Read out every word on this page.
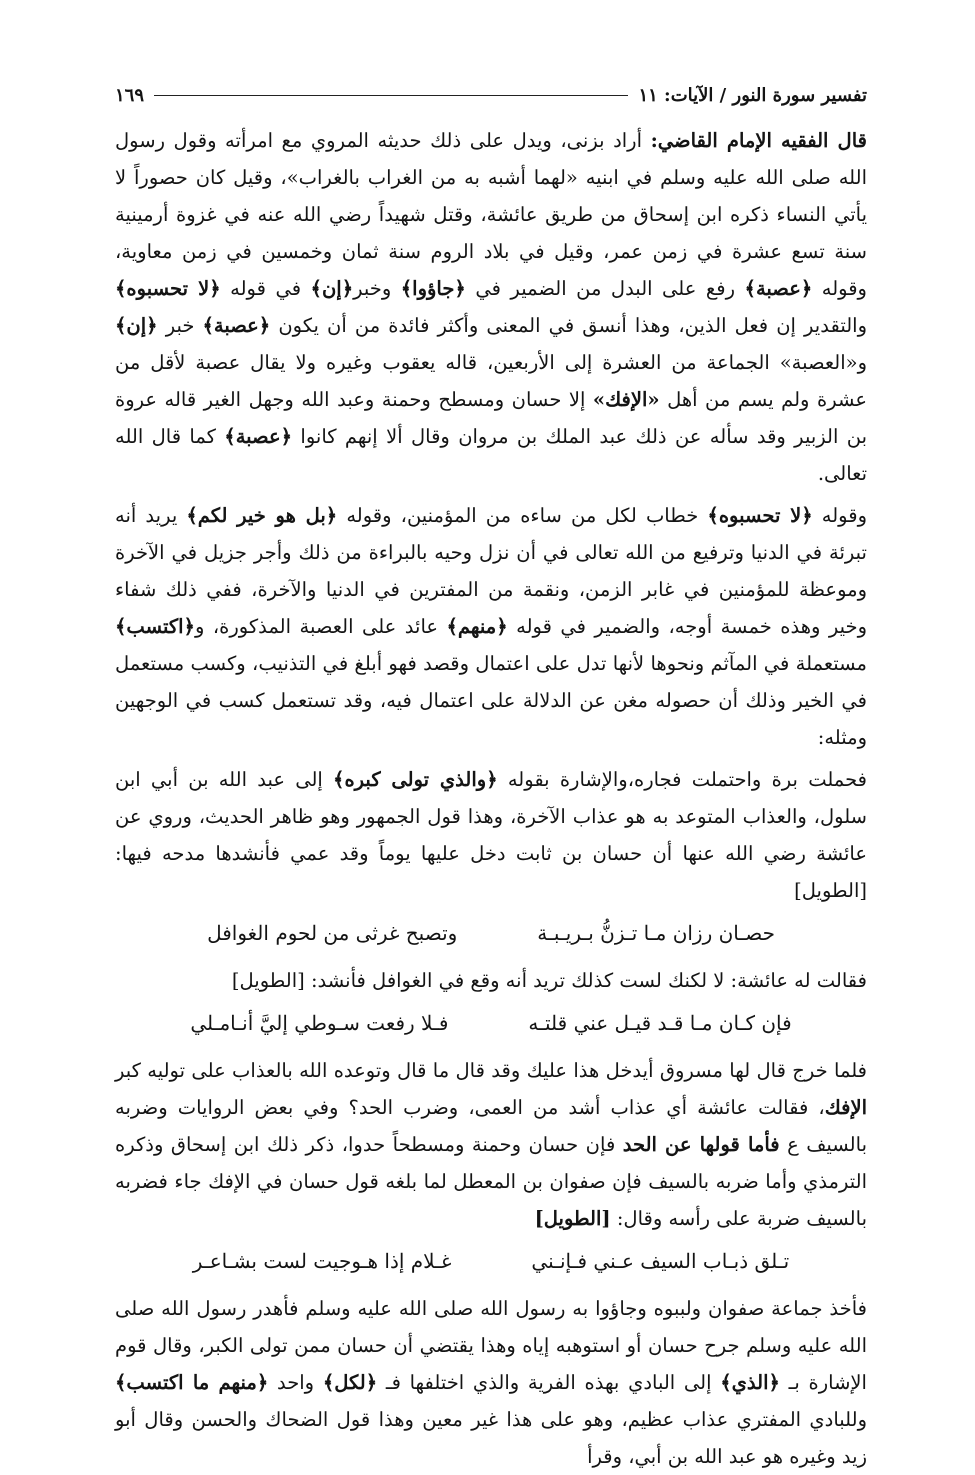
تفسير سورة النور / الآيات: ١١
١٦٩

قال الفقيه الإمام القاضي: أراد بزنى، ويدل على ذلك حديثه المروي مع امرأته وقول رسول الله صلى الله عليه وسلم في ابنيه «لهما أشبه به من الغراب بالغراب»، وقيل كان حصوراً لا يأتي النساء ذكره ابن إسحاق من طريق عائشة، وقتل شهيداً رضي الله عنه في غزوة أرمينية سنة تسع عشرة في زمن عمر، وقيل في بلاد الروم سنة ثمان وخمسين في زمن معاوية، وقوله ﴿عصبة﴾ رفع على البدل من الضمير في ﴿جاؤوا﴾ وخبر﴿إن﴾ في قوله ﴿لا تحسبوه﴾ والتقدير إن فعل الذين، وهذا أنسق في المعنى وأكثر فائدة من أن يكون ﴿عصبة﴾ خبر ﴿إن﴾ و«العصبة» الجماعة من العشرة إلى الأربعين، قاله يعقوب وغيره ولا يقال عصبة لأقل من عشرة ولم يسم من أهل «الإفك» إلا حسان ومسطح وحمنة وعبد الله وجهل الغير قاله عروة بن الزبير وقد سأله عن ذلك عبد الملك بن مروان وقال ألا إنهم كانوا ﴿عصبة﴾ كما قال الله تعالى.

وقوله ﴿لا تحسبوه﴾ خطاب لكل من ساءه من المؤمنين، وقوله ﴿بل هو خير لكم﴾ يريد أنه تبرئة في الدنيا وترفيع من الله تعالى في أن نزل وحيه بالبراءة من ذلك وأجر جزيل في الآخرة وموعظة للمؤمنين في غابر الزمن، ونقمة من المفترين في الدنيا والآخرة، ففي ذلك شفاء وخير وهذه خمسة أوجه، والضمير في قوله ﴿منهم﴾ عائد على العصبة المذكورة، و﴿اكتسب﴾ مستعملة في المآثم ونحوها لأنها تدل على اعتمال وقصد فهو أبلغ في التذنيب، وكسب مستعمل في الخير وذلك أن حصوله مغن عن الدلالة على اعتمال فيه، وقد تستعمل كسب في الوجهين ومثله:

فحملت برة واحتملت فجاره،والإشارة بقوله ﴿والذي تولى كبره﴾ إلى عبد الله بن أبي ابن سلول، والعذاب المتوعد به هو عذاب الآخرة، وهذا قول الجمهور وهو ظاهر الحديث، وروي عن عائشة رضي الله عنها أن حسان بن ثابت دخل عليها يوماً وقد عمي فأنشدها مدحه فيها: [الطويل]

حصـان رزان مـا تـزنُّ بـريـبـة
وتصبح غرثى من لحوم الغوافل

فقالت له عائشة: لا لكنك لست كذلك تريد أنه وقع في الغوافل فأنشد: [الطويل]

فإن كـان مـا قـد قيـل عني قلتـه
فـلا رفعت سـوطي إليَّ أنـامـلي

فلما خرج قال لها مسروق أيدخل هذا عليك وقد قال ما قال وتوعده الله بالعذاب على توليه كبر الإفك، فقالت عائشة أي عذاب أشد من العمى، وضرب الحد؟ وفي بعض الروايات وضربه بالسيف ع فأما قولها عن الحد فإن حسان وحمنة ومسطحاً حدوا، ذكر ذلك ابن إسحاق وذكره الترمذي وأما ضربه بالسيف فإن صفوان بن المعطل لما بلغه قول حسان في الإفك جاء فضربه بالسيف ضربة على رأسه وقال: [الطويل]

تـلق ذبـاب السيف عـني فـإنـني
غـلام إذا هـوجيت لست بشـاعـر

فأخذ جماعة صفوان ولببوه وجاؤوا به رسول الله صلى الله عليه وسلم فأهدر رسول الله صلى الله عليه وسلم جرح حسان أو استوهبه إياه وهذا يقتضي أن حسان ممن تولى الكبر، وقال قوم الإشارة بـ ﴿الذي﴾ إلى البادي بهذه الفرية والذي اختلفها فـ ﴿لكل﴾ واحد ﴿منهم ما اكتسب﴾ وللبادي المفتري عذاب عظيم، وهو على هذا غير معين وهذا قول الضحاك والحسن وقال أبو زيد وغيره هو عبد الله بن أبي، وقرأ
